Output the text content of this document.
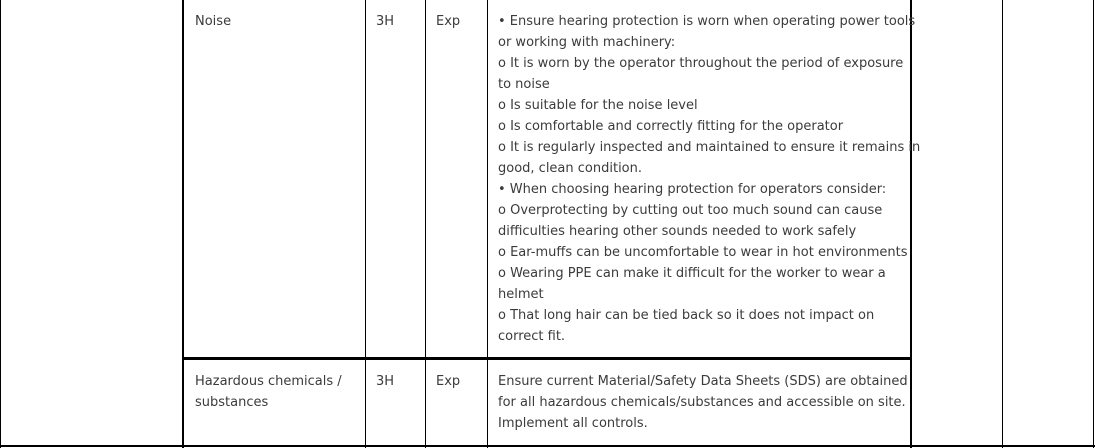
Noise	3H	Exp	• Ensure hearing protection is worn when operating power tools
or working with machinery:
o It is worn by the operator throughout the period of exposure
to noise
o Is suitable for the noise level
o Is comfortable and correctly fitting for the operator
o It is regularly inspected and maintained to ensure it remains in
good, clean condition.
• When choosing hearing protection for operators consider:
o Overprotecting by cutting out too much sound can cause
difficulties hearing other sounds needed to work safely
o Ear-muffs can be uncomfortable to wear in hot environments
o Wearing PPE can make it difficult for the worker to wear a
helmet
o That long hair can be tied back so it does not impact on
correct fit.
Hazardous chemicals /
substances
3H	Exp	Ensure current Material/Safety Data Sheets (SDS) are obtained
for all hazardous chemicals/substances and accessible on site.
Implement all controls.
